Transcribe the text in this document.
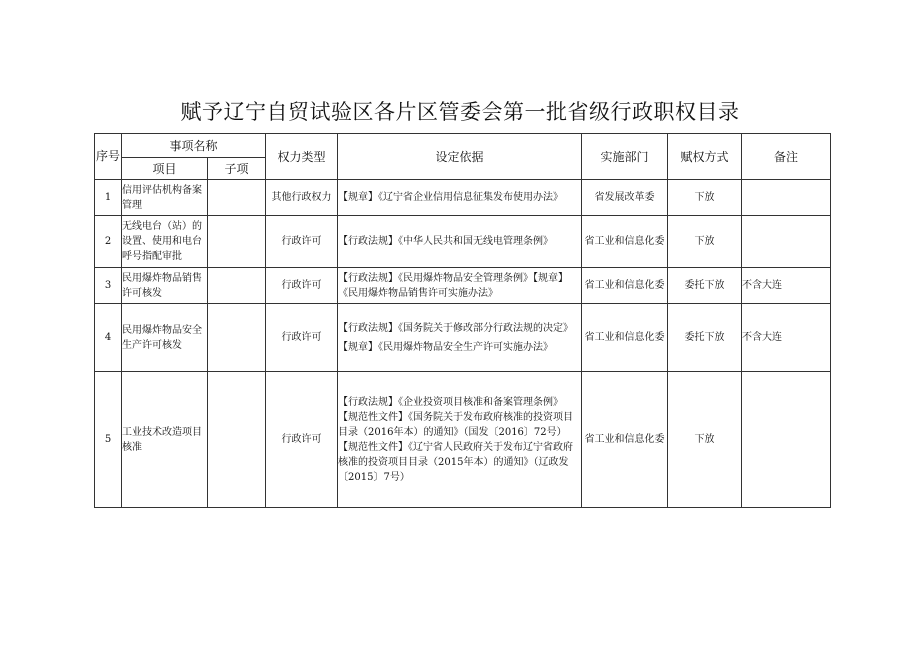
赋予辽宁自贸试验区各片区管委会第一批省级行政职权目录
序号	事项名称		权力类型	设定依据	实施部门	赋权方式	备注
	项目	子项					
1	信用评估机构备案管理		其他行政权力	【规章】《辽宁省企业信用信息征集发布使用办法》	省发展改革委	下放	
2	无线电台（站）的设置、使用和电台呼号指配审批		行政许可	【行政法规】《中华人民共和国无线电管理条例》	省工业和信息化委	下放	
3	民用爆炸物品销售许可核发		行政许可	【行政法规】《民用爆炸物品安全管理条例》【规章】《民用爆炸物品销售许可实施办法》	省工业和信息化委	委托下放	不含大连
4	民用爆炸物品安全生产许可核发		行政许可	【行政法规】《国务院关于修改部分行政法规的决定》
【规章】《民用爆炸物品安全生产许可实施办法》	省工业和信息化委	委托下放	不含大连
5	工业技术改造项目核准		行政许可	【行政法规】《企业投资项目核准和备案管理条例》
【规范性文件】《国务院关于发布政府核准的投资项目目录（2016年本）的通知》（国发〔2016〕72号）
【规范性文件】《辽宁省人民政府关于发布辽宁省政府核准的投资项目目录（2015年本）的通知》（辽政发〔2015〕7号）	省工业和信息化委	下放	
